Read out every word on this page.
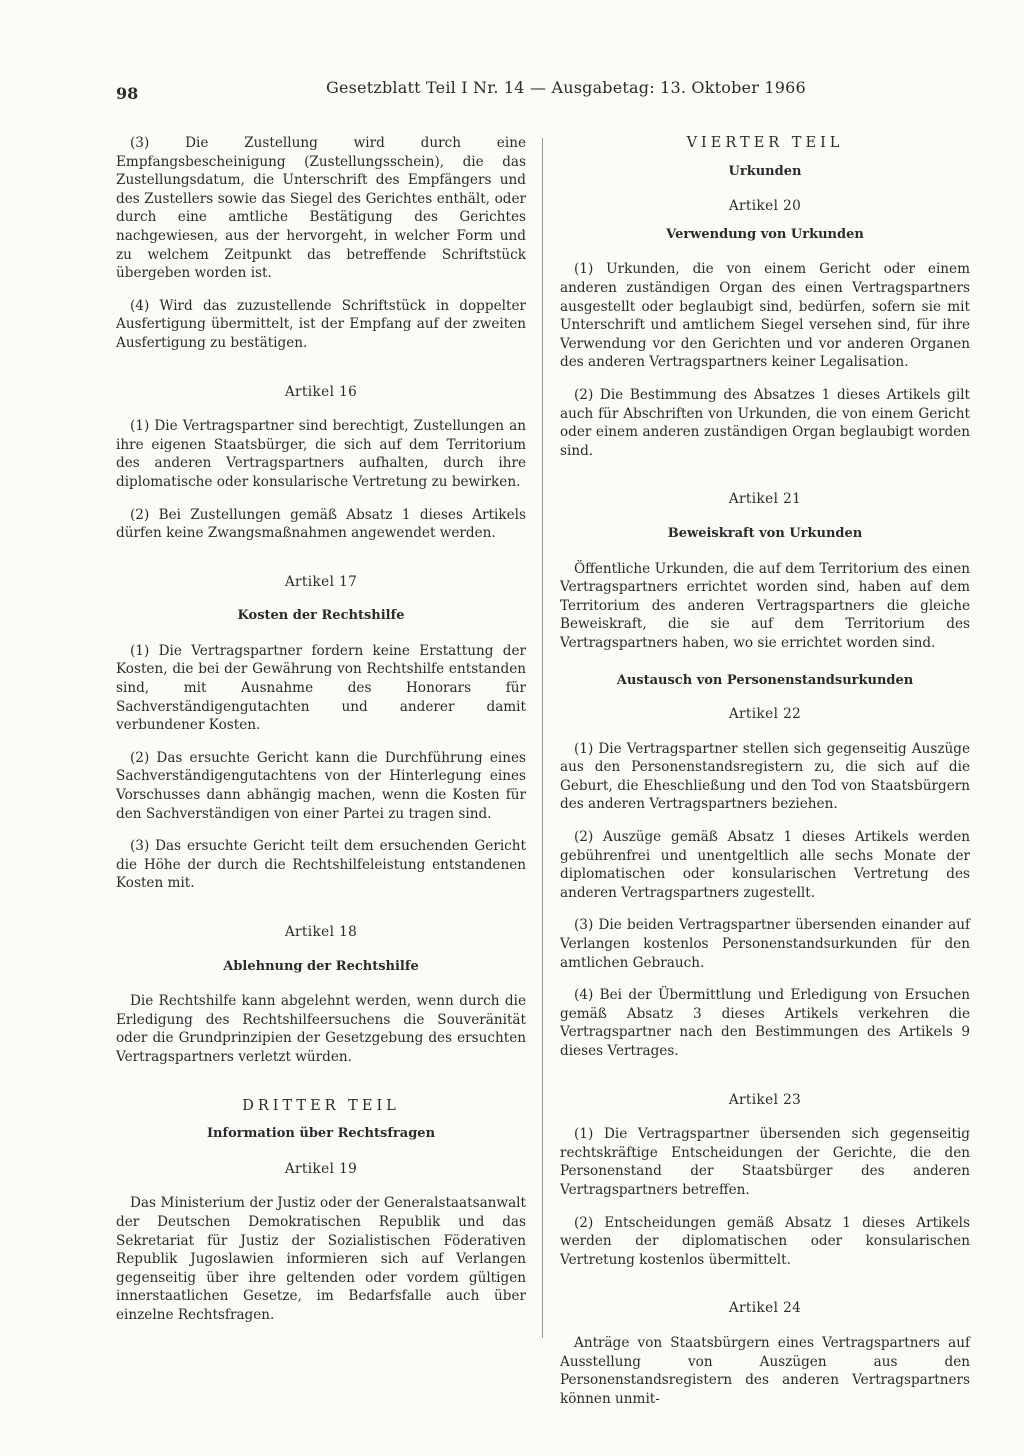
98	Gesetzblatt Teil I Nr. 14 — Ausgabetag: 13. Oktober 1966

(3) Die Zustellung wird durch eine Empfangsbescheinigung (Zustellungsschein), die das Zustellungsdatum, die Unterschrift des Empfängers und des Zustellers sowie das Siegel des Gerichtes enthält, oder durch eine amtliche Bestätigung des Gerichtes nachgewiesen, aus der hervorgeht, in welcher Form und zu welchem Zeitpunkt das betreffende Schriftstück übergeben worden ist.

(4) Wird das zuzustellende Schriftstück in doppelter Ausfertigung übermittelt, ist der Empfang auf der zweiten Ausfertigung zu bestätigen.

Artikel 16

(1) Die Vertragspartner sind berechtigt, Zustellungen an ihre eigenen Staatsbürger, die sich auf dem Territorium des anderen Vertragspartners aufhalten, durch ihre diplomatische oder konsularische Vertretung zu bewirken.

(2) Bei Zustellungen gemäß Absatz 1 dieses Artikels dürfen keine Zwangsmaßnahmen angewendet werden.

Artikel 17
Kosten der Rechtshilfe

(1) Die Vertragspartner fordern keine Erstattung der Kosten, die bei der Gewährung von Rechtshilfe entstanden sind, mit Ausnahme des Honorars für Sachverständigengutachten und anderer damit verbundener Kosten.

(2) Das ersuchte Gericht kann die Durchführung eines Sachverständigengutachtens von der Hinterlegung eines Vorschusses dann abhängig machen, wenn die Kosten für den Sachverständigen von einer Partei zu tragen sind.

(3) Das ersuchte Gericht teilt dem ersuchenden Gericht die Höhe der durch die Rechtshilfeleistung entstandenen Kosten mit.

Artikel 18
Ablehnung der Rechtshilfe

Die Rechtshilfe kann abgelehnt werden, wenn durch die Erledigung des Rechtshilfeersuchens die Souveränität oder die Grundprinzipien der Gesetzgebung des ersuchten Vertragspartners verletzt würden.

DRITTER TEIL
Information über Rechtsfragen
Artikel 19

Das Ministerium der Justiz oder der Generalstaatsanwalt der Deutschen Demokratischen Republik und das Sekretariat für Justiz der Sozialistischen Föderativen Republik Jugoslawien informieren sich auf Verlangen gegenseitig über ihre geltenden oder vordem gültigen innerstaatlichen Gesetze, im Bedarfsfalle auch über einzelne Rechtsfragen.

VIERTER TEIL
Urkunden
Artikel 20
Verwendung von Urkunden

(1) Urkunden, die von einem Gericht oder einem anderen zuständigen Organ des einen Vertragspartners ausgestellt oder beglaubigt sind, bedürfen, sofern sie mit Unterschrift und amtlichem Siegel versehen sind, für ihre Verwendung vor den Gerichten und vor anderen Organen des anderen Vertragspartners keiner Legalisation.

(2) Die Bestimmung des Absatzes 1 dieses Artikels gilt auch für Abschriften von Urkunden, die von einem Gericht oder einem anderen zuständigen Organ beglaubigt worden sind.

Artikel 21
Beweiskraft von Urkunden

Öffentliche Urkunden, die auf dem Territorium des einen Vertragspartners errichtet worden sind, haben auf dem Territorium des anderen Vertragspartners die gleiche Beweiskraft, die sie auf dem Territorium des Vertragspartners haben, wo sie errichtet worden sind.

Austausch von Personenstandsurkunden
Artikel 22

(1) Die Vertragspartner stellen sich gegenseitig Auszüge aus den Personenstandsregistern zu, die sich auf die Geburt, die Eheschließung und den Tod von Staatsbürgern des anderen Vertragspartners beziehen.

(2) Auszüge gemäß Absatz 1 dieses Artikels werden gebührenfrei und unentgeltlich alle sechs Monate der diplomatischen oder konsularischen Vertretung des anderen Vertragspartners zugestellt.

(3) Die beiden Vertragspartner übersenden einander auf Verlangen kostenlos Personenstandsurkunden für den amtlichen Gebrauch.

(4) Bei der Übermittlung und Erledigung von Ersuchen gemäß Absatz 3 dieses Artikels verkehren die Vertragspartner nach den Bestimmungen des Artikels 9 dieses Vertrages.

Artikel 23

(1) Die Vertragspartner übersenden sich gegenseitig rechtskräftige Entscheidungen der Gerichte, die den Personenstand der Staatsbürger des anderen Vertragspartners betreffen.

(2) Entscheidungen gemäß Absatz 1 dieses Artikels werden der diplomatischen oder konsularischen Vertretung kostenlos übermittelt.

Artikel 24

Anträge von Staatsbürgern eines Vertragspartners auf Ausstellung von Auszügen aus den Personenstandsregistern des anderen Vertragspartners können unmit-
